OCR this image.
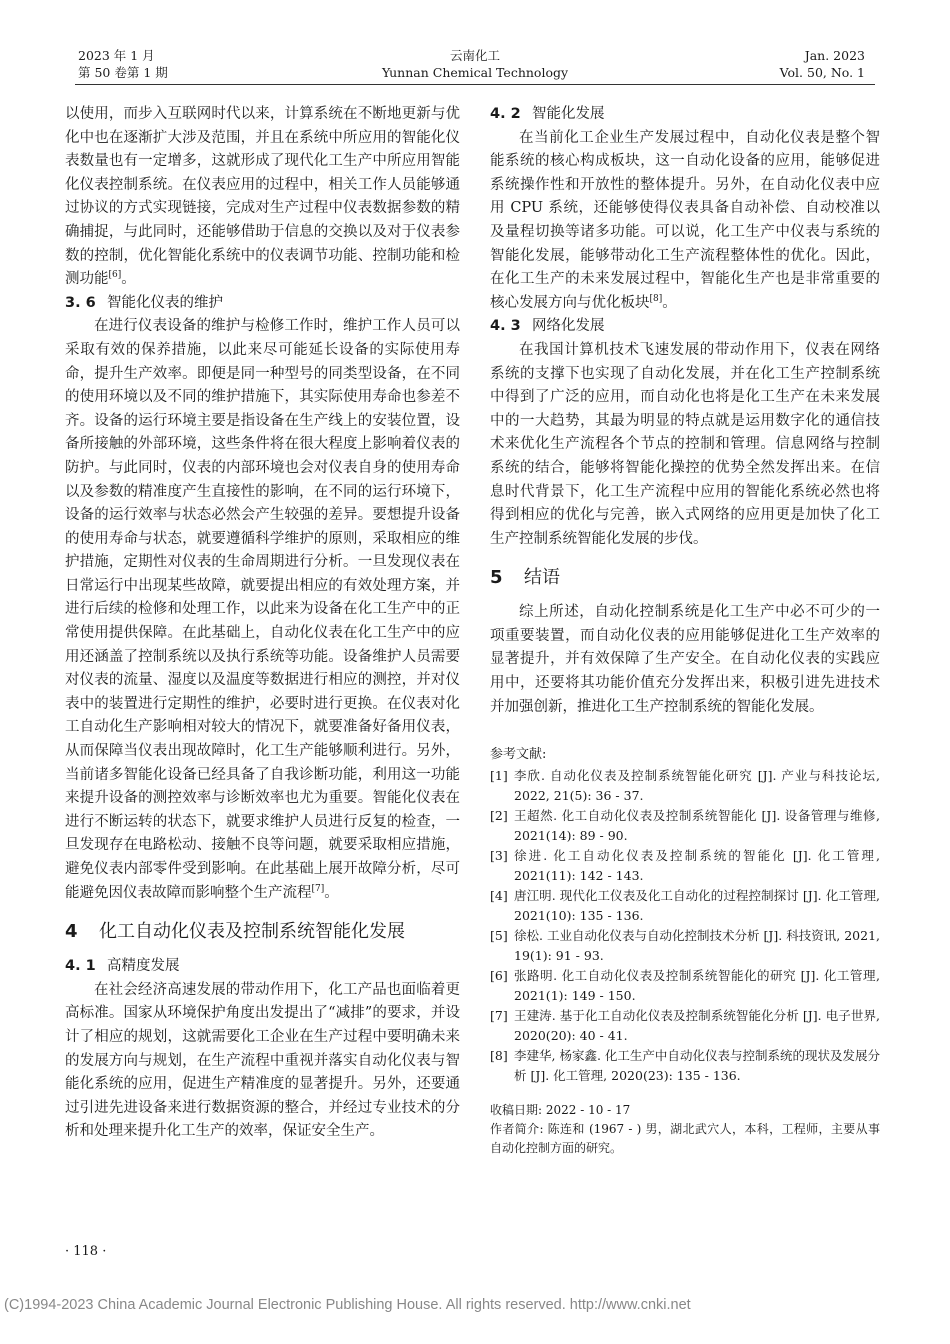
2023 年 1 月
第 50 卷第 1 期
云南化工
Yunnan Chemical Technology
Jan. 2023
Vol. 50, No. 1

以使用，而步入互联网时代以来，计算系统在不断地更新与优化中也在逐渐扩大涉及范围，并且在系统中所应用的智能化仪表数量也有一定增多，这就形成了现代化工生产中所应用智能化仪表控制系统。在仪表应用的过程中，相关工作人员能够通过协议的方式实现链接，完成对生产过程中仪表数据参数的精确捕捉，与此同时，还能够借助于信息的交换以及对于仪表参数的控制，优化智能化系统中的仪表调节功能、控制功能和检测功能[6]。

3. 6 智能化仪表的维护

在进行仪表设备的维护与检修工作时，维护工作人员可以采取有效的保养措施，以此来尽可能延长设备的实际使用寿命，提升生产效率。即便是同一种型号的同类型设备，在不同的使用环境以及不同的维护措施下，其实际使用寿命也参差不齐。设备的运行环境主要是指设备在生产线上的安装位置，设备所接触的外部环境，这些条件将在很大程度上影响着仪表的防护。与此同时，仪表的内部环境也会对仪表自身的使用寿命以及参数的精准度产生直接性的影响，在不同的运行环境下，设备的运行效率与状态必然会产生较强的差异。要想提升设备的使用寿命与状态，就要遵循科学维护的原则，采取相应的维护措施，定期性对仪表的生命周期进行分析。一旦发现仪表在日常运行中出现某些故障，就要提出相应的有效处理方案，并进行后续的检修和处理工作，以此来为设备在化工生产中的正常使用提供保障。在此基础上，自动化仪表在化工生产中的应用还涵盖了控制系统以及执行系统等功能。设备维护人员需要对仪表的流量、湿度以及温度等数据进行相应的测控，并对仪表中的装置进行定期性的维护，必要时进行更换。在仪表对化工自动化生产影响相对较大的情况下，就要准备好备用仪表，从而保障当仪表出现故障时，化工生产能够顺利进行。另外，当前诸多智能化设备已经具备了自我诊断功能，利用这一功能来提升设备的测控效率与诊断效率也尤为重要。智能化仪表在进行不断运转的状态下，就要求维护人员进行反复的检查，一旦发现存在电路松动、接触不良等问题，就要采取相应措施，避免仪表内部零件受到影响。在此基础上展开故障分析，尽可能避免因仪表故障而影响整个生产流程[7]。

4 化工自动化仪表及控制系统智能化发展
4. 1 高精度发展

在社会经济高速发展的带动作用下，化工产品也面临着更高标准。国家从环境保护角度出发提出了“减排”的要求，并设计了相应的规划，这就需要化工企业在生产过程中要明确未来的发展方向与规划，在生产流程中重视并落实自动化仪表与智能化系统的应用，促进生产精准度的显著提升。另外，还要通过引进先进设备来进行数据资源的整合，并经过专业技术的分析和处理来提升化工生产的效率，保证安全生产。

4. 2 智能化发展

在当前化工企业生产发展过程中，自动化仪表是整个智能系统的核心构成板块，这一自动化设备的应用，能够促进系统操作性和开放性的整体提升。另外，在自动化仪表中应用 CPU 系统，还能够使得仪表具备自动补偿、自动校准以及量程切换等诸多功能。可以说，化工生产中仪表与系统的智能化发展，能够带动化工生产流程整体性的优化。因此，在化工生产的未来发展过程中，智能化生产也是非常重要的核心发展方向与优化板块[8]。

4. 3 网络化发展

在我国计算机技术飞速发展的带动作用下，仪表在网络系统的支撑下也实现了自动化发展，并在化工生产控制系统中得到了广泛的应用，而自动化也将是化工生产在未来发展中的一大趋势，其最为明显的特点就是运用数字化的通信技术来优化生产流程各个节点的控制和管理。信息网络与控制系统的结合，能够将智能化操控的优势全然发挥出来。在信息时代背景下，化工生产流程中应用的智能化系统必然也将得到相应的优化与完善，嵌入式网络的应用更是加快了化工生产控制系统智能化发展的步伐。

5 结语

综上所述，自动化控制系统是化工生产中必不可少的一项重要装置，而自动化仪表的应用能够促进化工生产效率的显著提升，并有效保障了生产安全。在自动化仪表的实践应用中，还要将其功能价值充分发挥出来，积极引进先进技术并加强创新，推进化工生产控制系统的智能化发展。

参考文献:
[1] 李欣. 自动化仪表及控制系统智能化研究 [J]. 产业与科技论坛, 2022, 21(5): 36 - 37.
[2] 王超然. 化工自动化仪表及控制系统智能化 [J]. 设备管理与维修, 2021(14): 89 - 90.
[3] 徐进. 化工自动化仪表及控制系统的智能化 [J]. 化工管理, 2021(11): 142 - 143.
[4] 唐江明. 现代化工仪表及化工自动化的过程控制探讨 [J]. 化工管理, 2021(10): 135 - 136.
[5] 徐松. 工业自动化仪表与自动化控制技术分析 [J]. 科技资讯, 2021, 19(1): 91 - 93.
[6] 张路明. 化工自动化仪表及控制系统智能化的研究 [J]. 化工管理, 2021(1): 149 - 150.
[7] 王建涛. 基于化工自动化仪表及控制系统智能化分析 [J]. 电子世界, 2020(20): 40 - 41.
[8] 李建华, 杨家鑫. 化工生产中自动化仪表与控制系统的现状及发展分析 [J]. 化工管理, 2020(23): 135 - 136.
收稿日期: 2022 - 10 - 17
作者简介: 陈连和 (1967 - ) 男，湖北武穴人，本科，工程师，主要从事自动化控制方面的研究。
· 118 ·
(C)1994-2023 China Academic Journal Electronic Publishing House. All rights reserved. http://www.cnki.net
